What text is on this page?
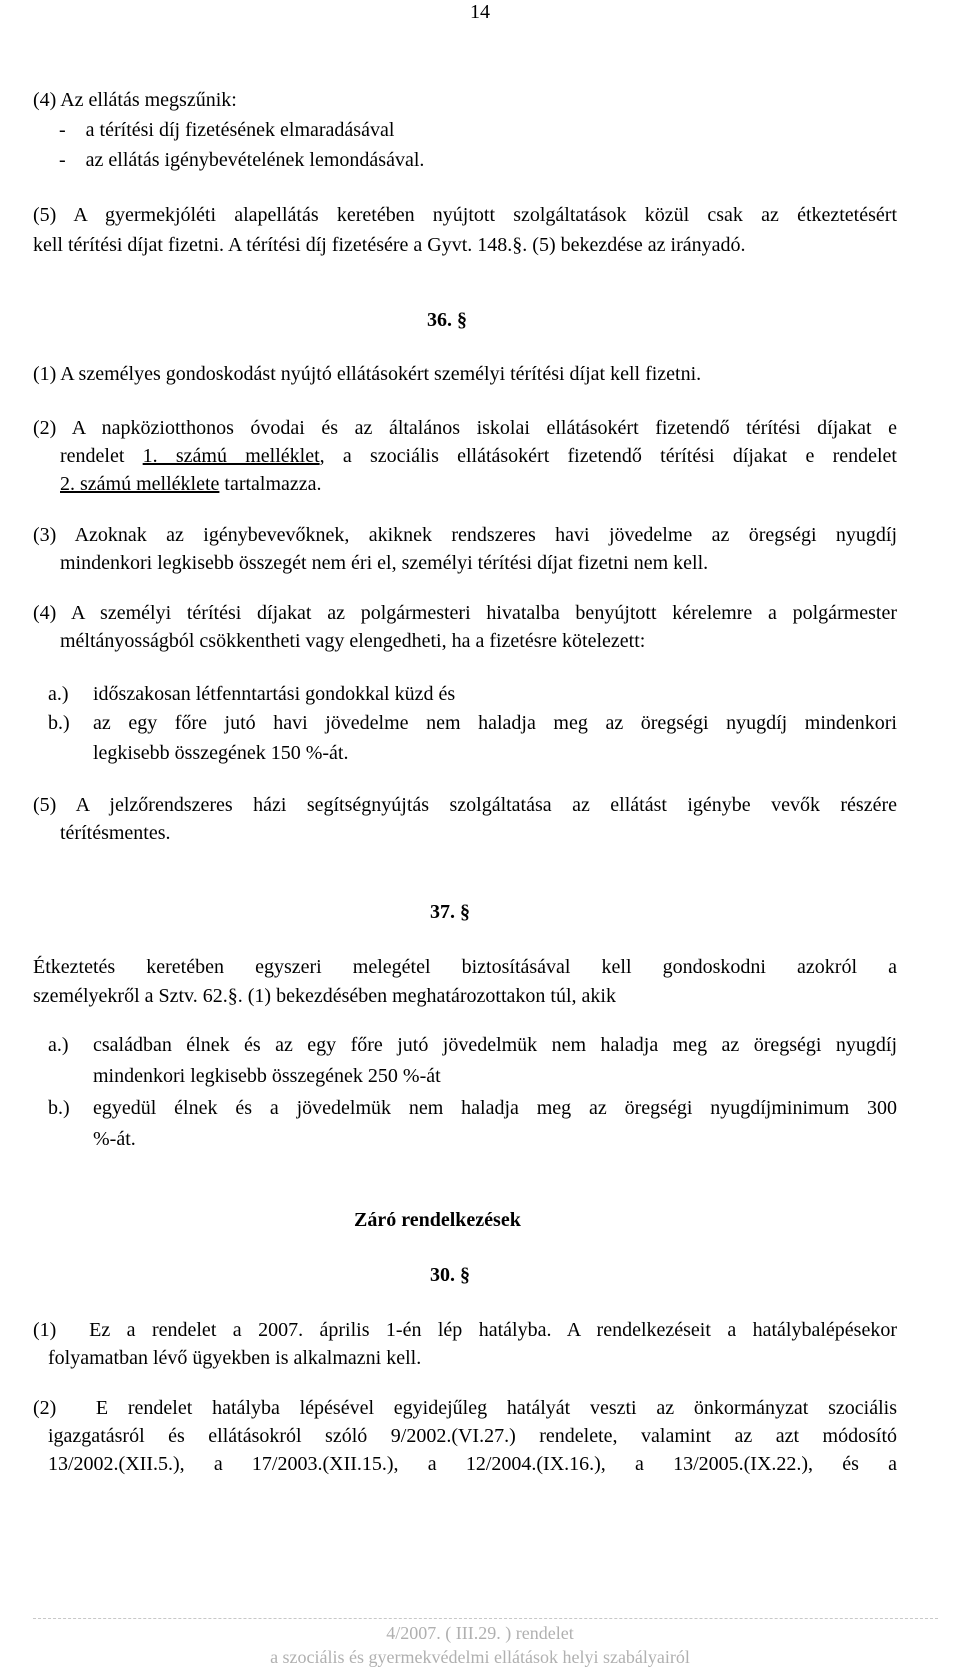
14
(4) Az ellátás megszűnik:
-    a térítési díj fizetésének elmaradásával
-    az ellátás igénybevételének lemondásával.
(5) A gyermekjóléti alapellátás keretében nyújtott szolgáltatások közül csak az étkeztetésért
kell térítési díjat fizetni. A térítési díj fizetésére a Gyvt. 148.§. (5) bekezdése az irányadó.
36. §
(1) A személyes gondoskodást nyújtó ellátásokért személyi térítési díjat kell fizetni.
(2) A napköziotthonos óvodai és az általános iskolai ellátásokért fizetendő térítési díjakat e
rendelet 1. számú melléklet, a szociális ellátásokért fizetendő térítési díjakat e rendelet
2. számú melléklete tartalmazza.
(3) Azoknak az igénybevevőknek, akiknek rendszeres havi jövedelme az öregségi nyugdíj
mindenkori legkisebb összegét nem éri el, személyi térítési díjat fizetni nem kell.
(4) A személyi térítési díjakat az polgármesteri hivatalba benyújtott kérelemre a polgármester
méltányosságból csökkentheti vagy elengedheti, ha a fizetésre kötelezett:
a.) időszakosan létfenntartási gondokkal küzd és
b.) az egy főre jutó havi jövedelme nem haladja meg az öregségi nyugdíj mindenkori
legkisebb összegének 150 %-át.
(5) A jelzőrendszeres házi segítségnyújtás szolgáltatása az ellátást igénybe vevők részére
térítésmentes.
37. §
Étkeztetés keretében egyszeri melegétel biztosításával kell gondoskodni azokról a
személyekről a Sztv. 62.§. (1) bekezdésében meghatározottakon túl, akik
a.) családban élnek és az egy főre jutó jövedelmük nem haladja meg az öregségi nyugdíj
mindenkori legkisebb összegének 250 %-át
b.) egyedül élnek és a jövedelmük nem haladja meg az öregségi nyugdíjminimum 300
%-át.
Záró rendelkezések
30. §
(1)  Ez a rendelet a 2007. április 1-én lép hatályba. A rendelkezéseit a hatálybalépésekor
folyamatban lévő ügyekben is alkalmazni kell.
(2)  E rendelet hatályba lépésével egyidejűleg hatályát veszti az önkormányzat szociális
igazgatásról és ellátásokról szóló 9/2002.(VI.27.) rendelete, valamint az azt módosító
13/2002.(XII.5.), a 17/2003.(XII.15.), a 12/2004.(IX.16.), a 13/2005.(IX.22.), és a
4/2007. ( III.29. ) rendelet
a szociális és gyermekvédelmi ellátások helyi szabályairól
